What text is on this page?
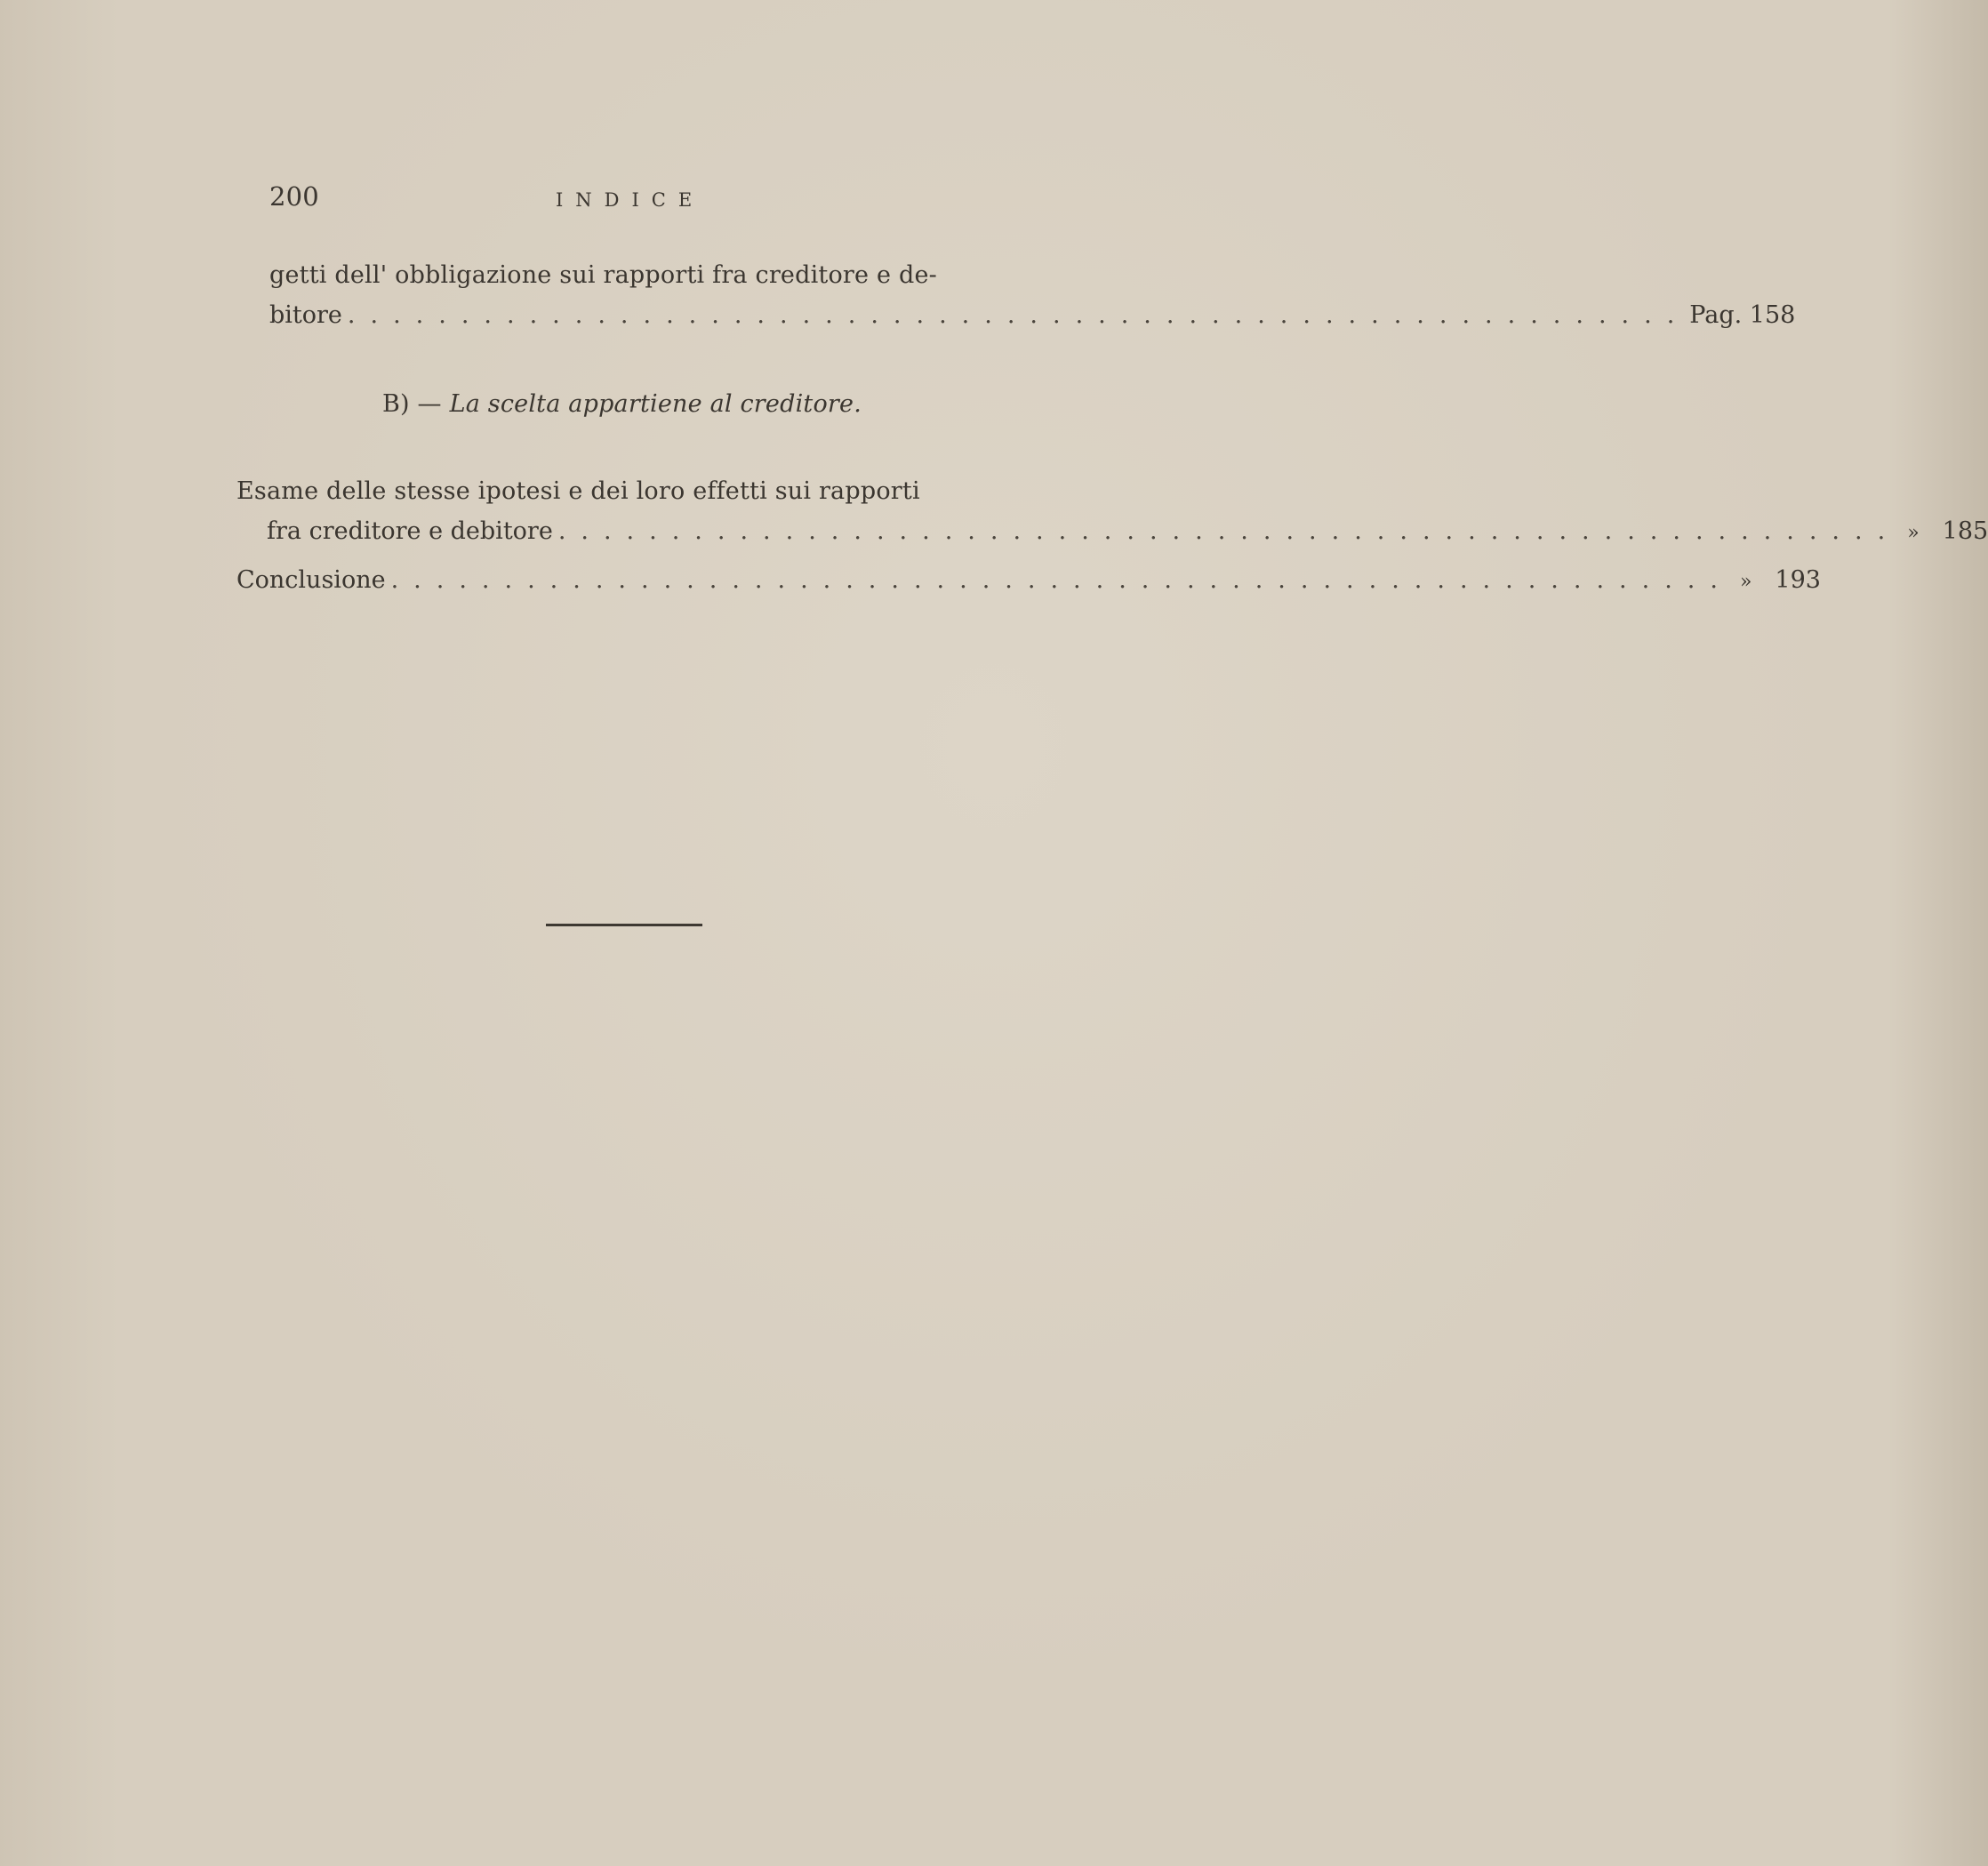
200	INDICE
getti dell' obbligazione sui rapporti fra creditore e de-
bitore ........................................................... Pag. 158
B) — La scelta appartiene al creditore.
Esame delle stesse ipotesi e dei loro effetti sui rapporti
fra creditore e debitore ........................................................... » 185
Conclusione ........................................................... » 193
